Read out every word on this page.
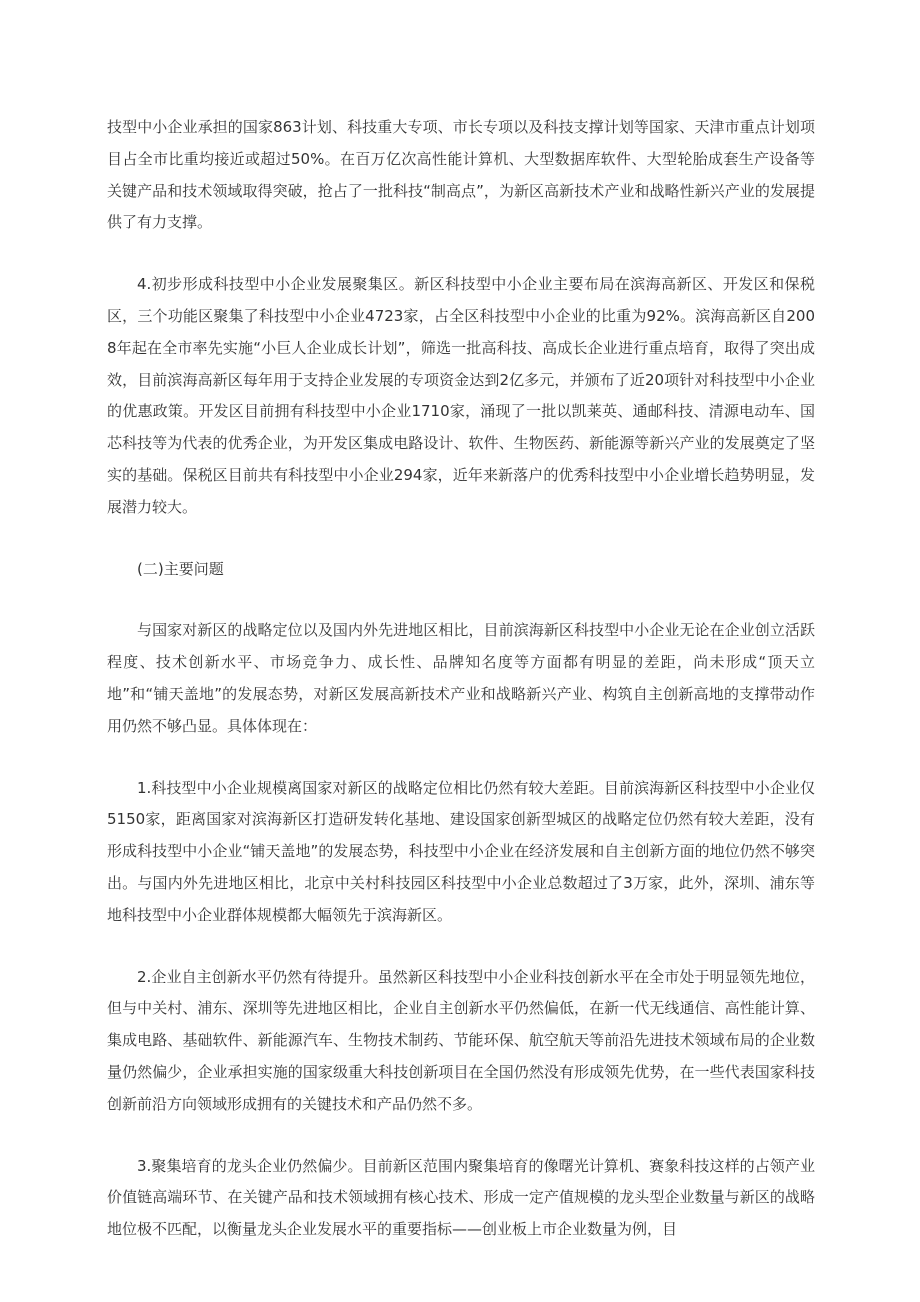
技型中小企业承担的国家863计划、科技重大专项、市长专项以及科技支撑计划等国家、天津市重点计划项目占全市比重均接近或超过50%。在百万亿次高性能计算机、大型数据库软件、大型轮胎成套生产设备等关键产品和技术领域取得突破，抢占了一批科技“制高点”，为新区高新技术产业和战略性新兴产业的发展提供了有力支撑。

4.初步形成科技型中小企业发展聚集区。新区科技型中小企业主要布局在滨海高新区、开发区和保税区，三个功能区聚集了科技型中小企业4723家，占全区科技型中小企业的比重为92%。滨海高新区自2008年起在全市率先实施“小巨人企业成长计划”，筛选一批高科技、高成长企业进行重点培育，取得了突出成效，目前滨海高新区每年用于支持企业发展的专项资金达到2亿多元，并颁布了近20项针对科技型中小企业的优惠政策。开发区目前拥有科技型中小企业1710家，涌现了一批以凯莱英、通邮科技、清源电动车、国芯科技等为代表的优秀企业，为开发区集成电路设计、软件、生物医药、新能源等新兴产业的发展奠定了坚实的基础。保税区目前共有科技型中小企业294家，近年来新落户的优秀科技型中小企业增长趋势明显，发展潜力较大。

(二)主要问题

与国家对新区的战略定位以及国内外先进地区相比，目前滨海新区科技型中小企业无论在企业创立活跃程度、技术创新水平、市场竞争力、成长性、品牌知名度等方面都有明显的差距，尚未形成“顶天立地”和“铺天盖地”的发展态势，对新区发展高新技术产业和战略新兴产业、构筑自主创新高地的支撑带动作用仍然不够凸显。具体体现在：

1.科技型中小企业规模离国家对新区的战略定位相比仍然有较大差距。目前滨海新区科技型中小企业仅5150家，距离国家对滨海新区打造研发转化基地、建设国家创新型城区的战略定位仍然有较大差距，没有形成科技型中小企业“铺天盖地”的发展态势，科技型中小企业在经济发展和自主创新方面的地位仍然不够突出。与国内外先进地区相比，北京中关村科技园区科技型中小企业总数超过了3万家，此外，深圳、浦东等地科技型中小企业群体规模都大幅领先于滨海新区。

2.企业自主创新水平仍然有待提升。虽然新区科技型中小企业科技创新水平在全市处于明显领先地位，但与中关村、浦东、深圳等先进地区相比，企业自主创新水平仍然偏低，在新一代无线通信、高性能计算、集成电路、基础软件、新能源汽车、生物技术制药、节能环保、航空航天等前沿先进技术领域布局的企业数量仍然偏少，企业承担实施的国家级重大科技创新项目在全国仍然没有形成领先优势，在一些代表国家科技创新前沿方向领域形成拥有的关键技术和产品仍然不多。

3.聚集培育的龙头企业仍然偏少。目前新区范围内聚集培育的像曙光计算机、赛象科技这样的占领产业价值链高端环节、在关键产品和技术领域拥有核心技术、形成一定产值规模的龙头型企业数量与新区的战略地位极不匹配，以衡量龙头企业发展水平的重要指标——创业板上市企业数量为例，目
